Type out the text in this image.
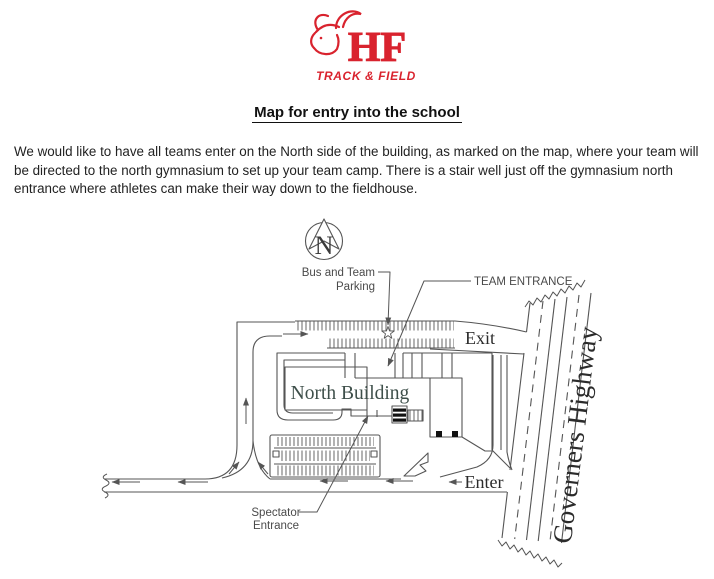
Map for entry into the school
We would like to have all teams enter on the North side of the building, as marked on the map, where your team will be directed to the north gymnasium to set up your team camp. There is a stair well just off the gymnasium north entrance where athletes can make their way down to the fieldhouse.
HF
TRACK & FIELD
N
North Building
Exit
Enter Governers Highway
Bus and Team
Parking	TEAM ENTRANCE
Spectator
Entrance
